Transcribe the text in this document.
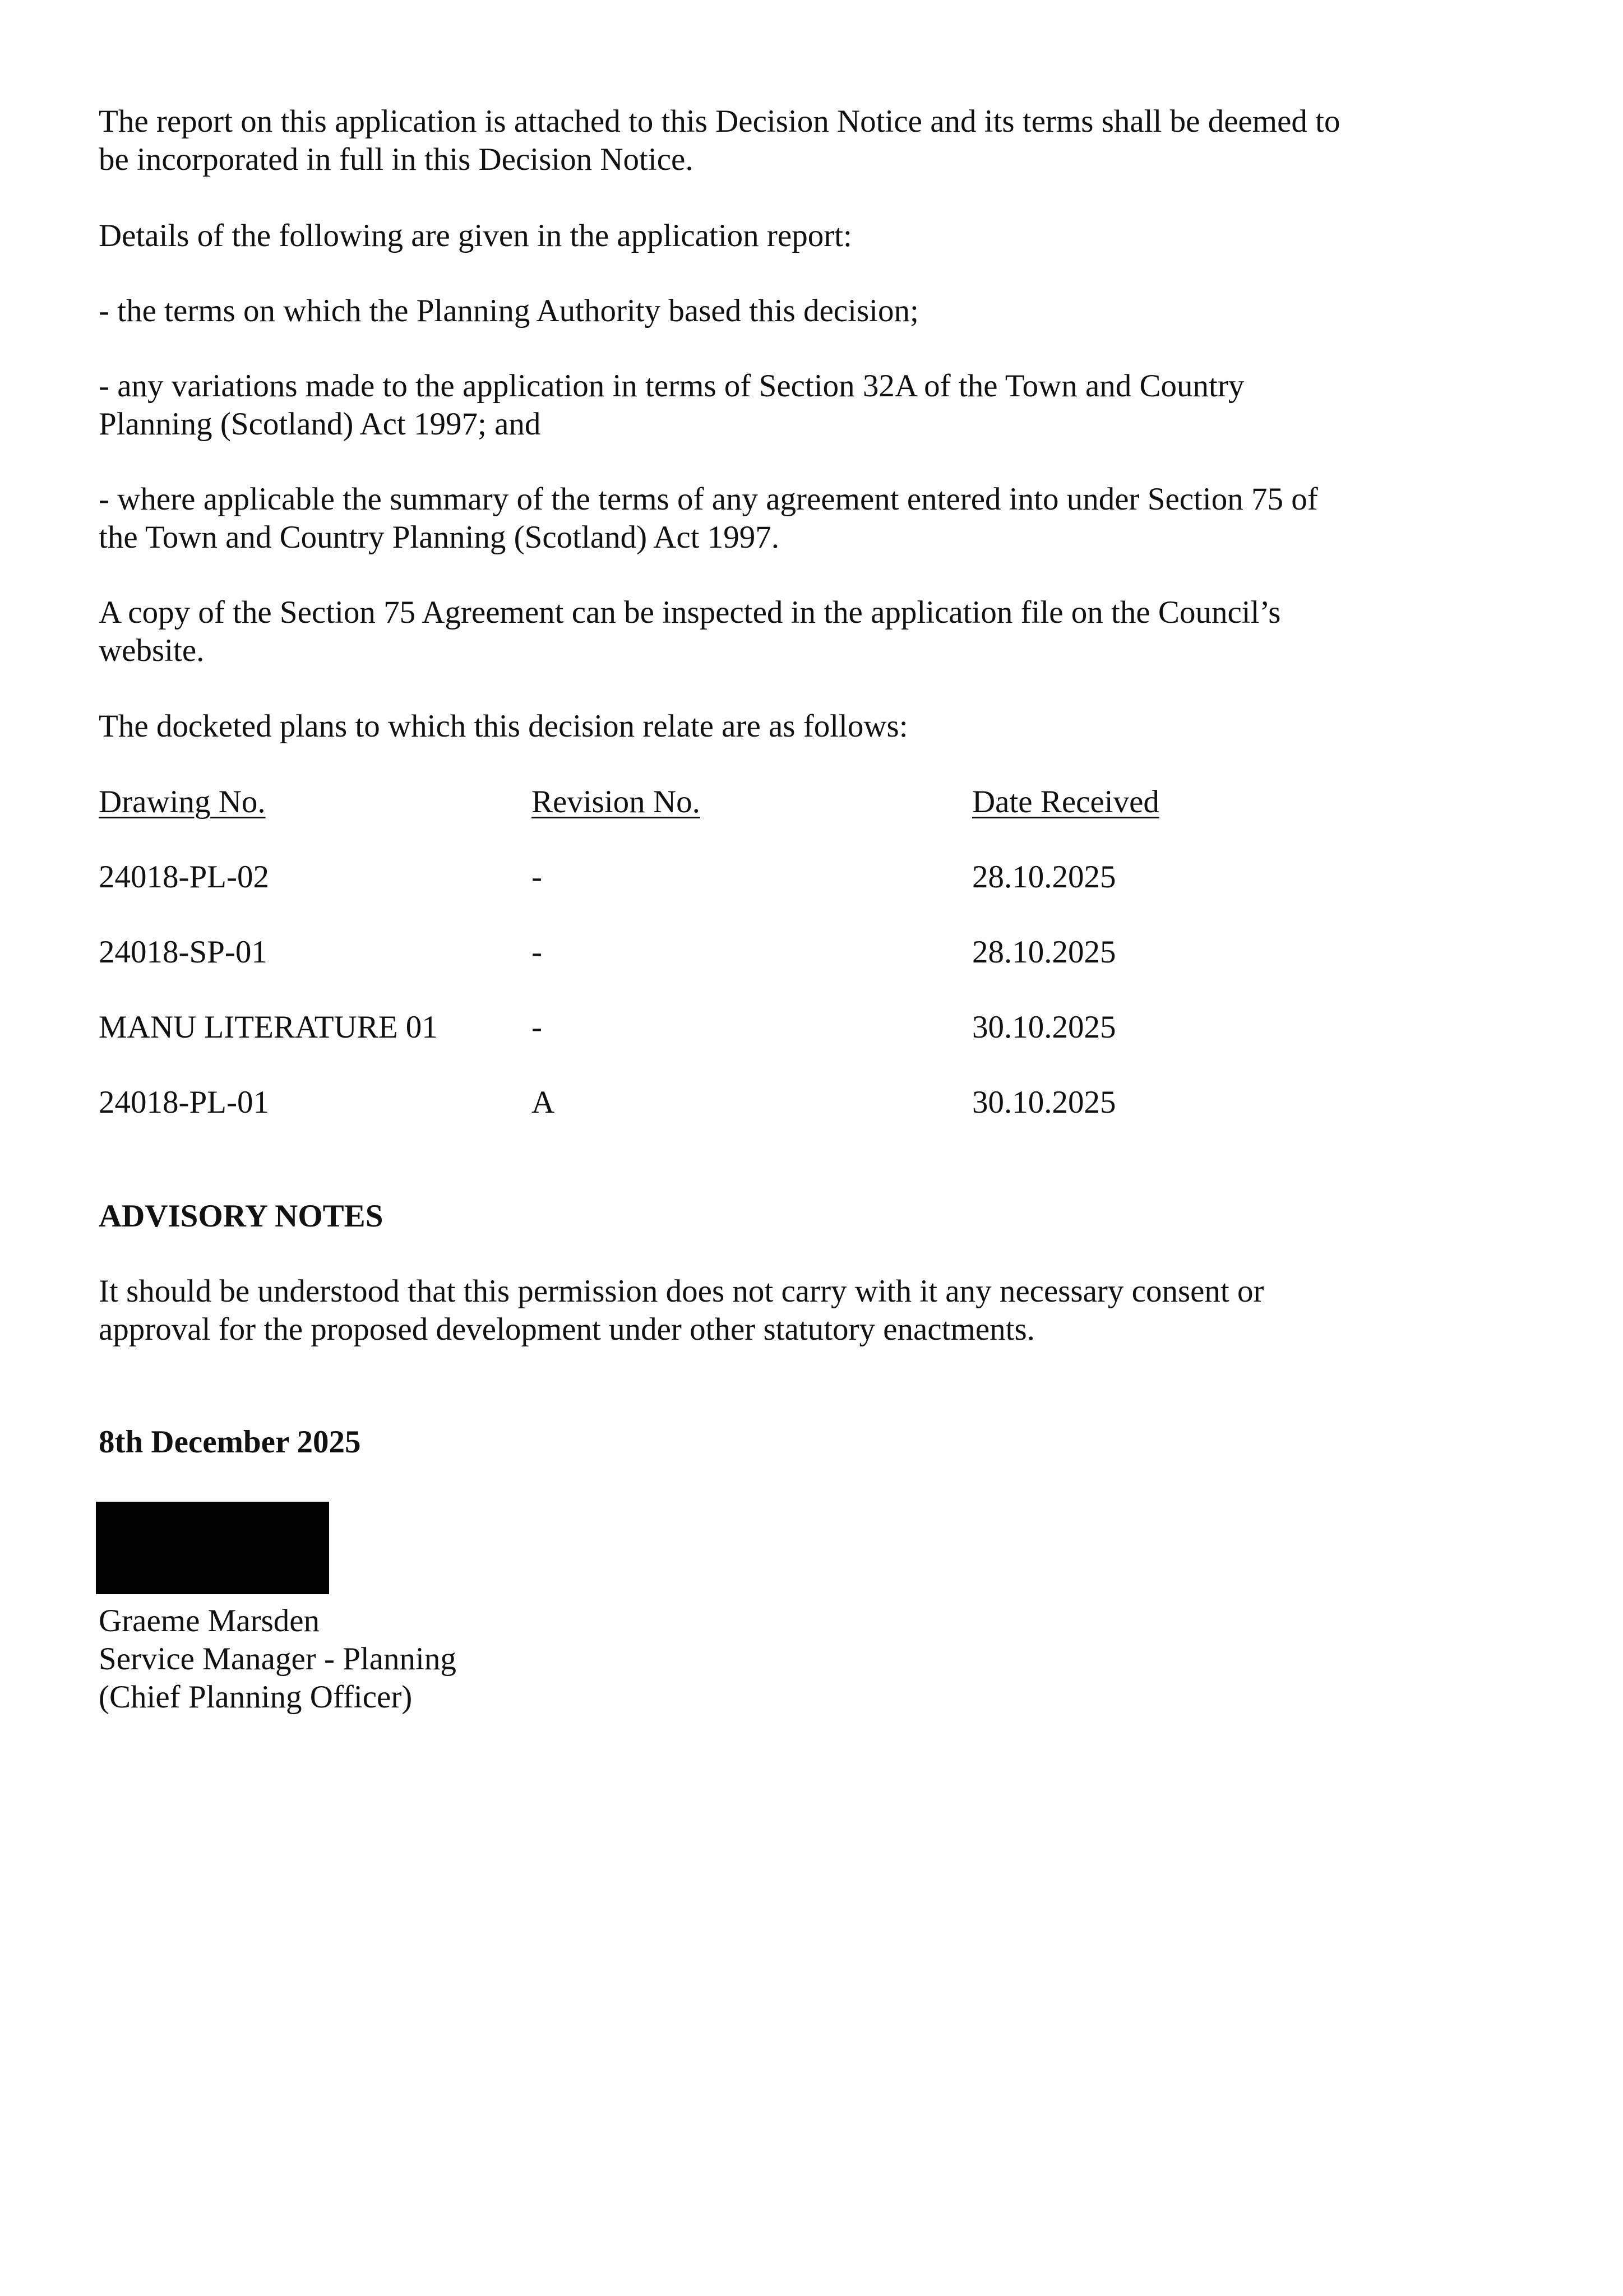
The report on this application is attached to this Decision Notice and its terms shall be deemed to
be incorporated in full in this Decision Notice.

Details of the following are given in the application report:

- the terms on which the Planning Authority based this decision;

- any variations made to the application in terms of Section 32A of the Town and Country
Planning (Scotland) Act 1997; and

- where applicable the summary of the terms of any agreement entered into under Section 75 of
the Town and Country Planning (Scotland) Act 1997.

A copy of the Section 75 Agreement can be inspected in the application file on the Council’s
website.

The docketed plans to which this decision relate are as follows:

Drawing No.	Revision No.	Date Received
24018-PL-02	-	28.10.2025
24018-SP-01	-	28.10.2025
MANU LITERATURE 01	-	30.10.2025
24018-PL-01	A	30.10.2025

ADVISORY NOTES

It should be understood that this permission does not carry with it any necessary consent or
approval for the proposed development under other statutory enactments.

8th December 2025

Graeme Marsden

Service Manager - Planning

(Chief Planning Officer)
